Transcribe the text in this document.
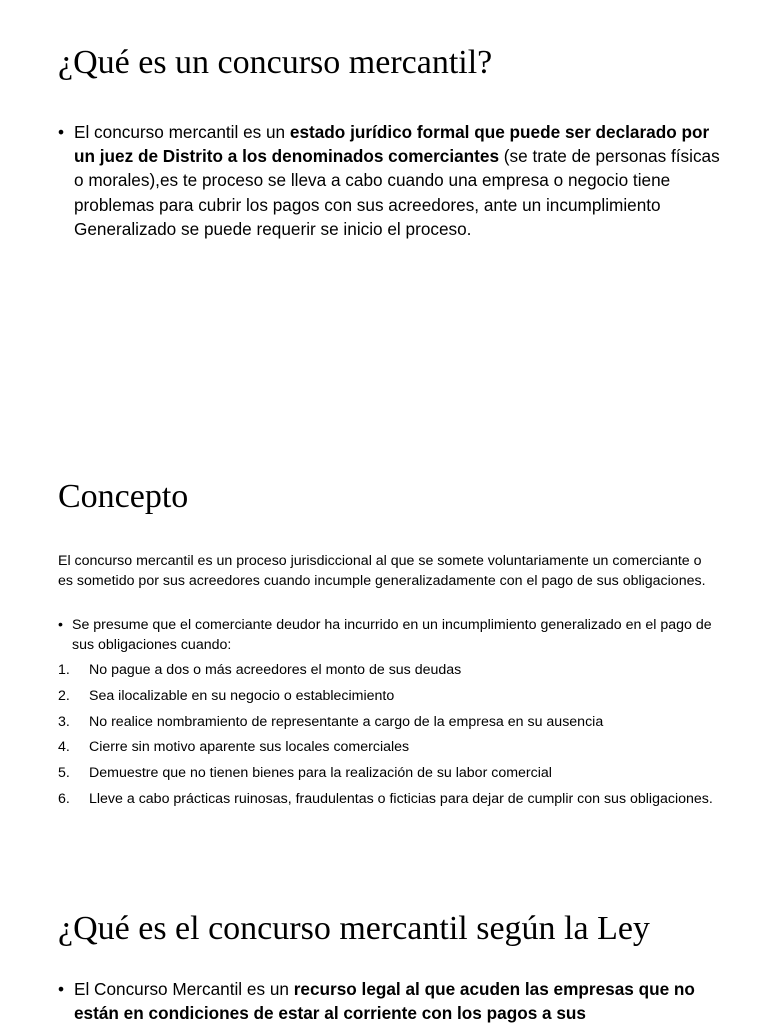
¿Qué es un concurso mercantil?
• El concurso mercantil es un estado jurídico formal que puede ser declarado por un juez de Distrito a los denominados comerciantes (se trate de personas físicas o morales),es te proceso se lleva a cabo cuando una empresa o negocio tiene problemas para cubrir los pagos con sus acreedores, ante un incumplimiento Generalizado se puede requerir se inicio el proceso.
Concepto

El concurso mercantil es un proceso jurisdiccional al que se somete voluntariamente un comerciante o es sometido por sus acreedores cuando incumple generalizadamente con el pago de sus obligaciones.

• Se presume que el comerciante deudor ha incurrido en un incumplimiento generalizado en el pago de sus obligaciones cuando:
1.	No pague a dos o más acreedores el monto de sus deudas
2.	Sea ilocalizable en su negocio o establecimiento
3.	No realice nombramiento de representante a cargo de la empresa en su ausencia
4.	Cierre sin motivo aparente sus locales comerciales
5.	Demuestre que no tienen bienes para la realización de su labor comercial
6.	Lleve a cabo prácticas ruinosas, fraudulentas o ficticias para dejar de cumplir con sus obligaciones.
¿Qué es el concurso mercantil según la Ley
• El Concurso Mercantil es un recurso legal al que acuden las empresas que no están en condiciones de estar al corriente con los pagos a sus
